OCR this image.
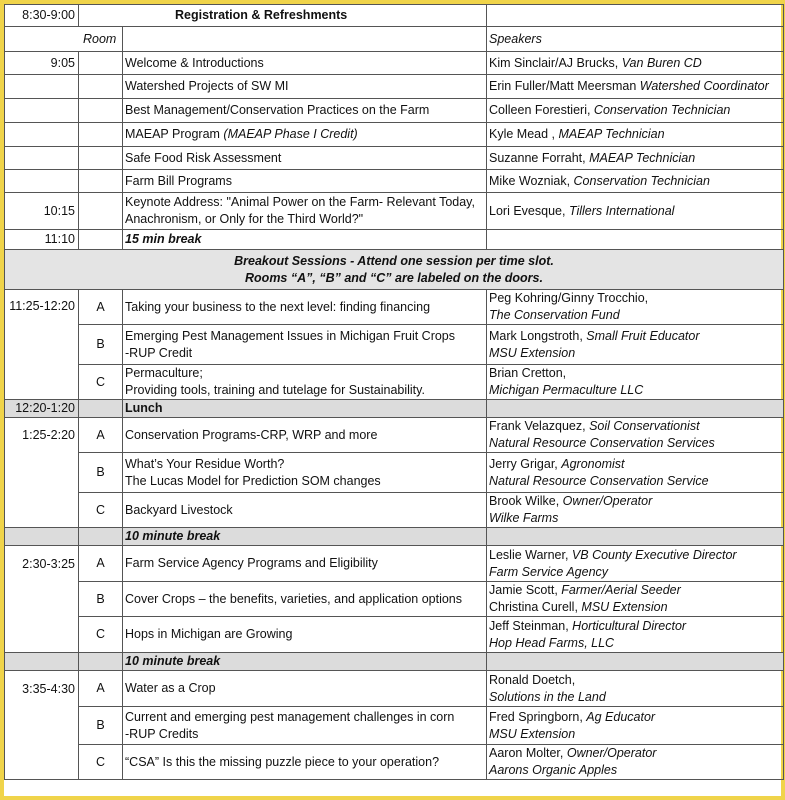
8:30-9:00	Registration & Refreshments		
Room			Speakers
9:05		Welcome & Introductions	Kim Sinclair/AJ Brucks, Van Buren CD
		Watershed Projects of SW MI	Erin Fuller/Matt Meersman Watershed Coordinator
		Best Management/Conservation Practices on the Farm	Colleen Forestieri, Conservation Technician
		MAEAP Program (MAEAP Phase I Credit)	Kyle Mead , MAEAP Technician
		Safe Food Risk Assessment	Suzanne Forraht, MAEAP Technician
		Farm Bill Programs	Mike Wozniak, Conservation Technician
10:15		Keynote Address: "Animal Power on the Farm- Relevant Today,
Anachronism, or Only for the Third World?"	Lori Evesque, Tillers International
11:10		15 min break	

Breakout Sessions - Attend one session per time slot.
Rooms “A”, “B” and “C” are labeled on the doors.			

11:25-12:20	A	Taking your business to the next level: finding financing	Peg Kohring/Ginny Trocchio,
The Conservation Fund

	B	Emerging Pest Management Issues in Michigan Fruit Crops
-RUP Credit	Mark Longstroth, Small Fruit Educator
MSU Extension

	C	Permaculture;
Providing tools, training and tutelage for Sustainability.	Brian Cretton,
Michigan Permaculture LLC

12:20-1:20		Lunch	
1:25-2:20	A	Conservation Programs-CRP, WRP and more	Frank Velazquez, Soil Conservationist
Natural Resource Conservation Services

	B	What’s Your Residue Worth?
The Lucas Model for Prediction SOM changes	Jerry Grigar, Agronomist
Natural Resource Conservation Service

	C	Backyard Livestock	Brook Wilke, Owner/Operator
Wilke Farms

		10 minute break	
2:30-3:25	A	Farm Service Agency Programs and Eligibility	Leslie Warner, VB County Executive Director
Farm Service Agency

	B	Cover Crops – the benefits, varieties, and application options	Jamie Scott, Farmer/Aerial Seeder
Christina Curell, MSU Extension

	C	Hops in Michigan are Growing	Jeff Steinman, Horticultural Director
Hop Head Farms, LLC

		10 minute break	
3:35-4:30	A	Water as a Crop	Ronald Doetch,
Solutions in the Land

	B	Current and emerging pest management challenges in corn
-RUP Credits	Fred Springborn, Ag Educator
MSU Extension

	C	“CSA” Is this the missing puzzle piece to your operation?	Aaron Molter, Owner/Operator
Aarons Organic Apples
